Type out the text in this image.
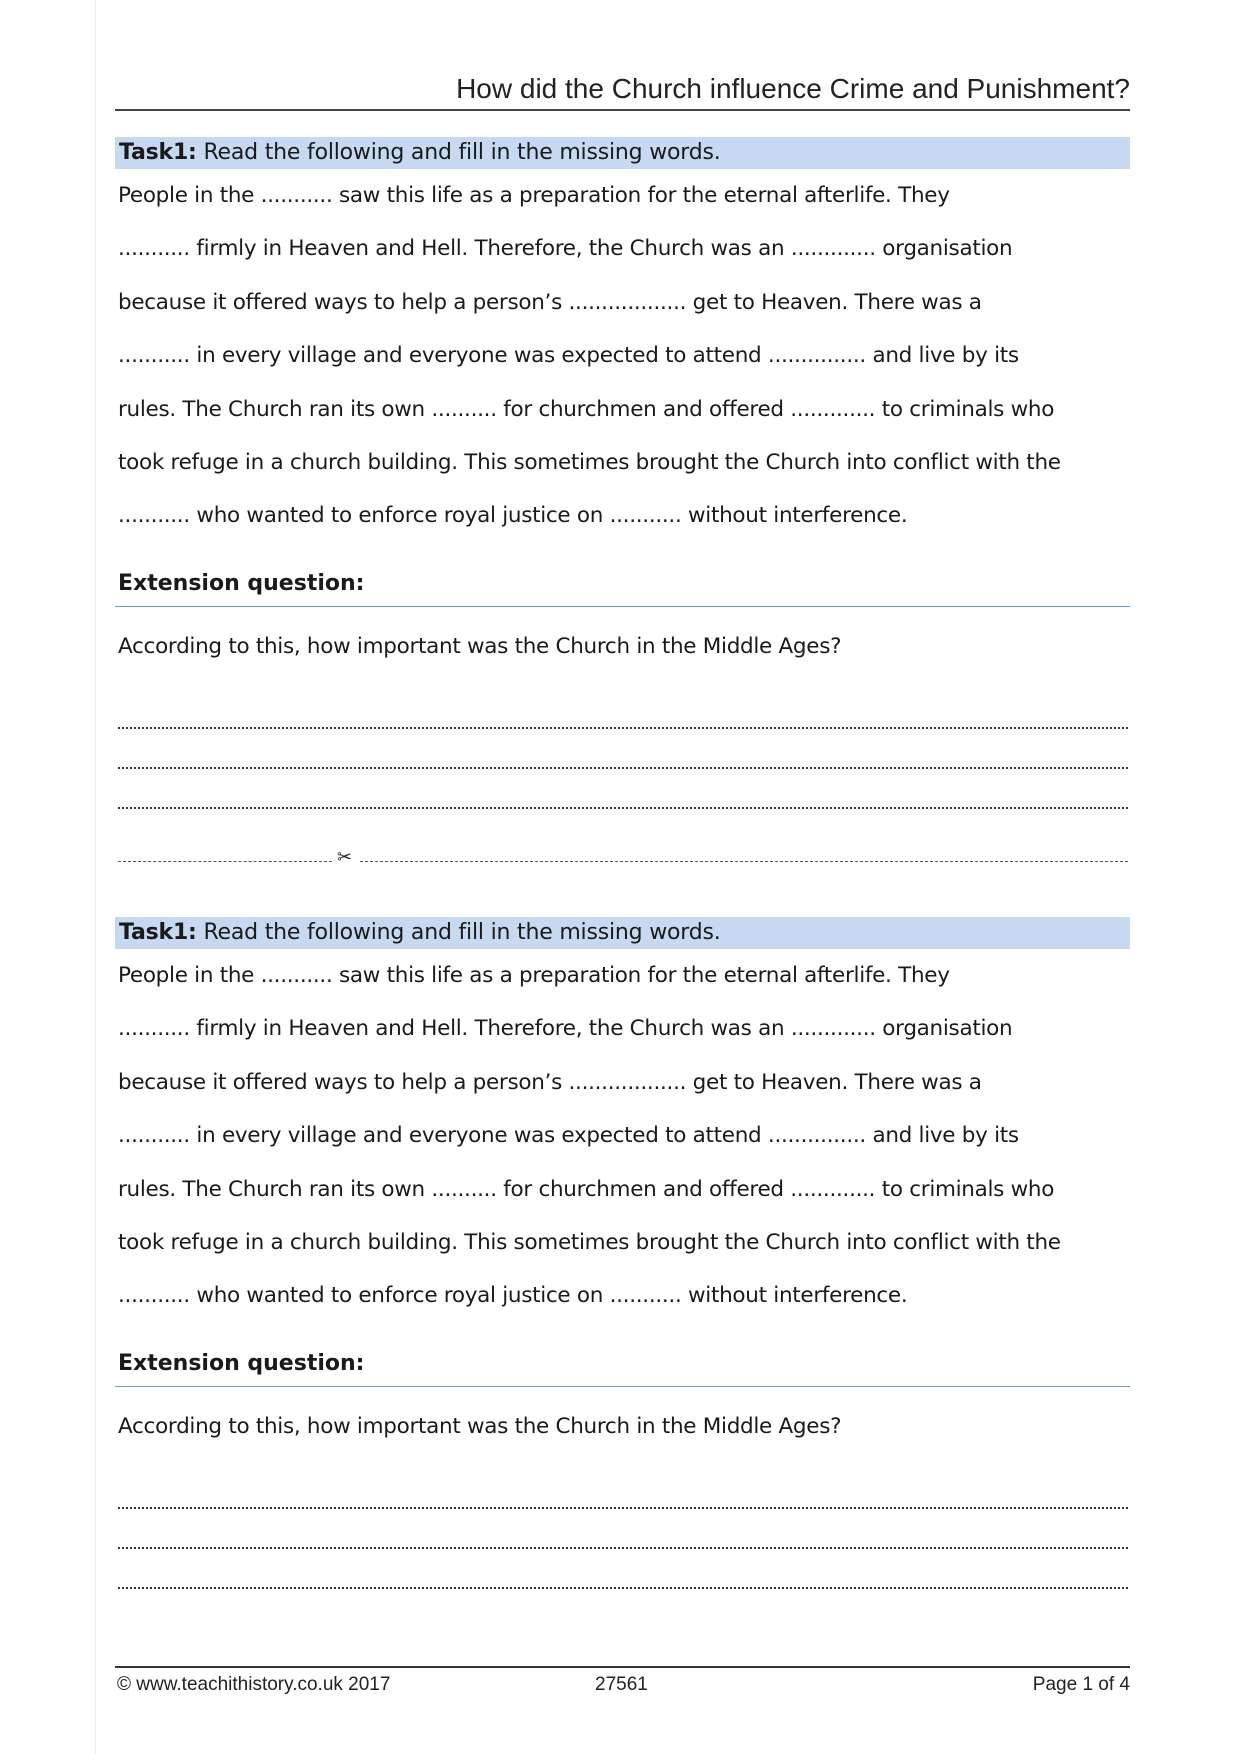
How did the Church influence Crime and Punishment?
Task1: Read the following and fill in the missing words.
People in the ........... saw this life as a preparation for the eternal afterlife. They
........... firmly in Heaven and Hell. Therefore, the Church was an ............. organisation
because it offered ways to help a person’s .................. get to Heaven. There was a
........... in every village and everyone was expected to attend ............... and live by its
rules. The Church ran its own .......... for churchmen and offered ............. to criminals who
took refuge in a church building. This sometimes brought the Church into conflict with the
........... who wanted to enforce royal justice on ........... without interference.
Extension question:
According to this, how important was the Church in the Middle Ages?
✂
Task1: Read the following and fill in the missing words.
People in the ........... saw this life as a preparation for the eternal afterlife. They
........... firmly in Heaven and Hell. Therefore, the Church was an ............. organisation
because it offered ways to help a person’s .................. get to Heaven. There was a
........... in every village and everyone was expected to attend ............... and live by its
rules. The Church ran its own .......... for churchmen and offered ............. to criminals who
took refuge in a church building. This sometimes brought the Church into conflict with the
........... who wanted to enforce royal justice on ........... without interference.
Extension question:
According to this, how important was the Church in the Middle Ages?
© www.teachithistory.co.uk 2017	27561	Page 1 of 4
